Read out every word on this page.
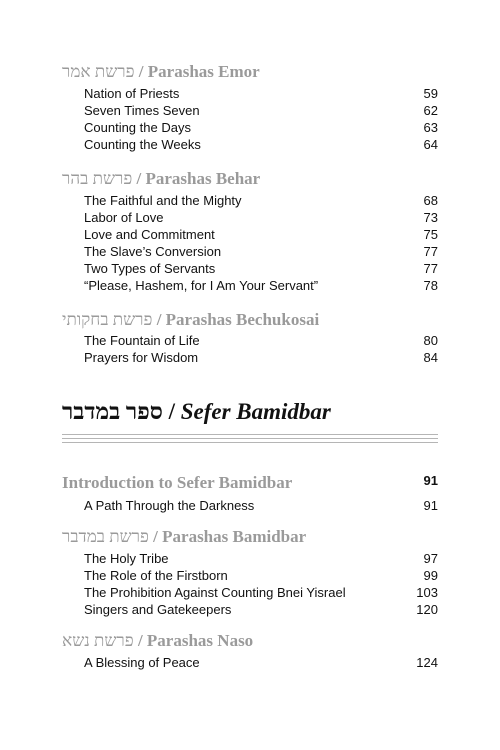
פרשת אמר / Parashas Emor
Nation of Priests	59
Seven Times Seven	62
Counting the Days	63
Counting the Weeks	64
פרשת בהר / Parashas Behar
The Faithful and the Mighty	68
Labor of Love	73
Love and Commitment	75
The Slave’s Conversion	77
Two Types of Servants	77
“Please, Hashem, for I Am Your Servant”	78
פרשת בחקותי / Parashas Bechukosai
The Fountain of Life	80
Prayers for Wisdom	84
ספר במדבר / Sefer Bamidbar
Introduction to Sefer Bamidbar	91
A Path Through the Darkness	91
פרשת במדבר / Parashas Bamidbar
The Holy Tribe	97
The Role of the Firstborn	99
The Prohibition Against Counting Bnei Yisrael	103
Singers and Gatekeepers	120
פרשת נשא / Parashas Naso
A Blessing of Peace	124
